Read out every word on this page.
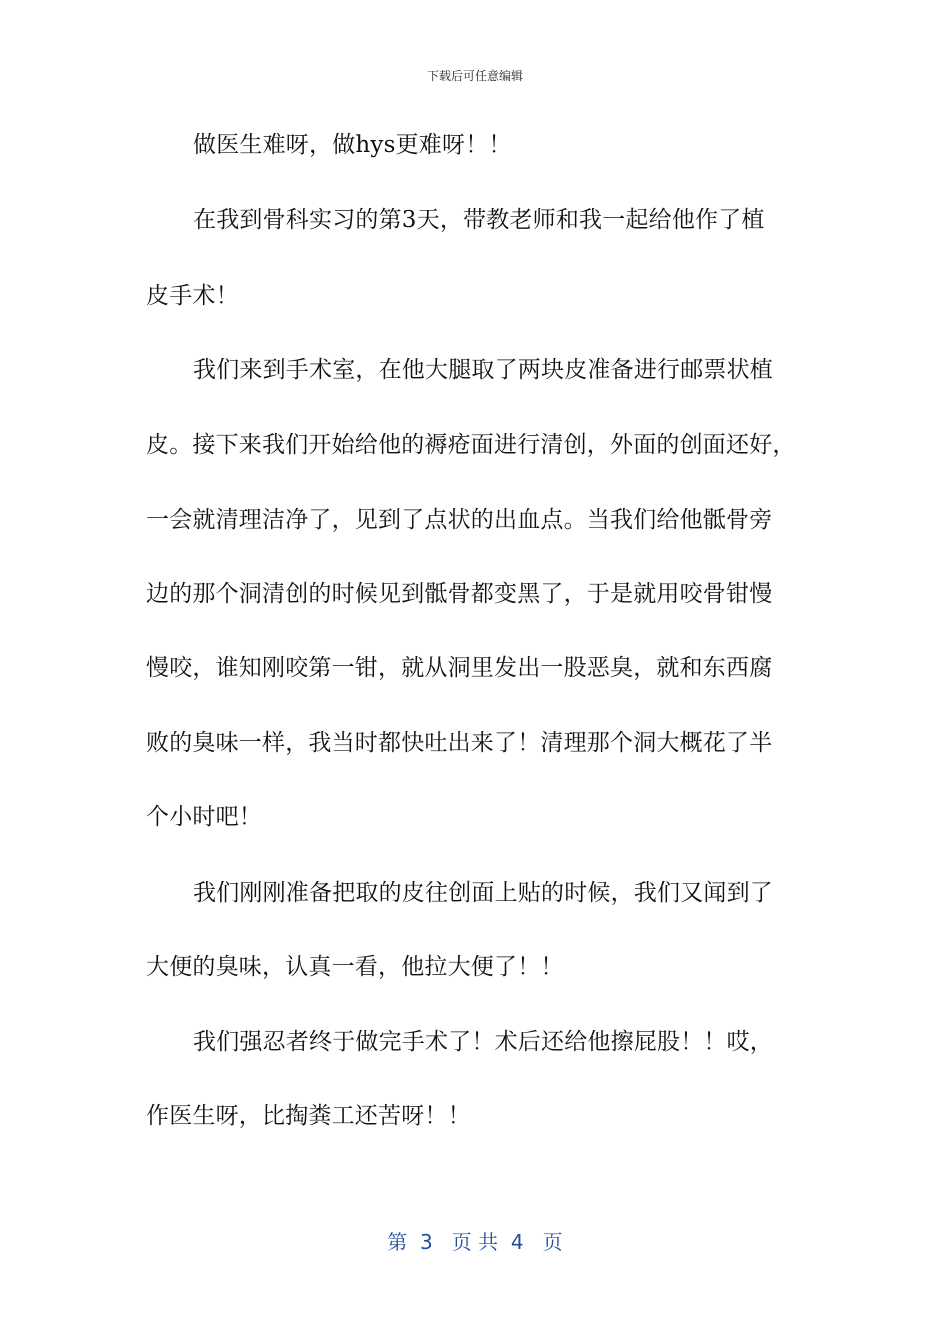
下载后可任意编辑
做医生难呀，做hys更难呀！！
在我到骨科实习的第3天，带教老师和我一起给他作了植
皮手术！
我们来到手术室，在他大腿取了两块皮准备进行邮票状植
皮。接下来我们开始给他的褥疮面进行清创，外面的创面还好，
一会就清理洁净了，见到了点状的出血点。当我们给他骶骨旁
边的那个洞清创的时候见到骶骨都变黑了，于是就用咬骨钳慢
慢咬，谁知刚咬第一钳，就从洞里发出一股恶臭，就和东西腐
败的臭味一样，我当时都快吐出来了！清理那个洞大概花了半
个小时吧！
我们刚刚准备把取的皮往创面上贴的时候，我们又闻到了
大便的臭味，认真一看，他拉大便了！！
我们强忍者终于做完手术了！术后还给他擦屁股！！哎，
作医生呀，比掏粪工还苦呀！！
第  3   页 共  4   页
